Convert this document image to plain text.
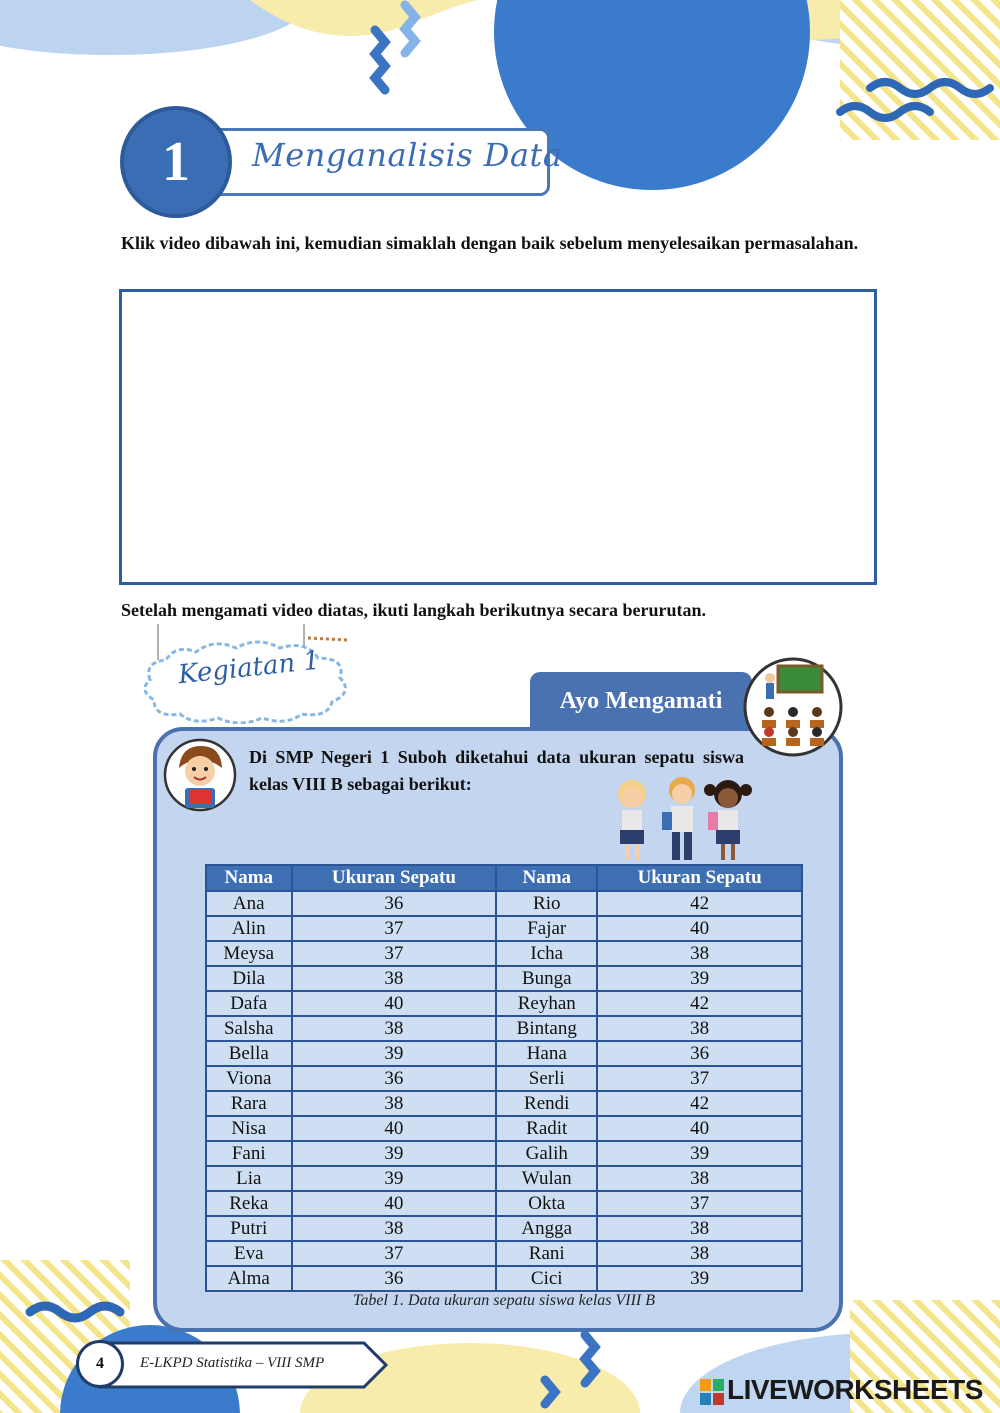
1	Menganalisis Data
Klik video dibawah ini, kemudian simaklah dengan baik sebelum menyelesaikan permasalahan.
Setelah mengamati video diatas, ikuti langkah berikutnya secara berurutan.
Kegiatan 1
Ayo Mengamati
Di SMP Negeri 1 Suboh diketahui data ukuran sepatu siswa kelas VIII B sebagai berikut:
Nama	Ukuran Sepatu	Nama	Ukuran Sepatu
Ana	36	Rio	42
Alin	37	Fajar	40
Meysa	37	Icha	38
Dila	38	Bunga	39
Dafa	40	Reyhan	42
Salsha	38	Bintang	38
Bella	39	Hana	36
Viona	36	Serli	37
Rara	38	Rendi	42
Nisa	40	Radit	40
Fani	39	Galih	39
Lia	39	Wulan	38
Reka	40	Okta	37
Putri	38	Angga	38
Eva	37	Rani	38
Alma	36	Cici	39
Tabel 1. Data ukuran sepatu siswa kelas VIII B
4	E-LKPD Statistika – VIII SMP
LIVEWORKSHEETS
